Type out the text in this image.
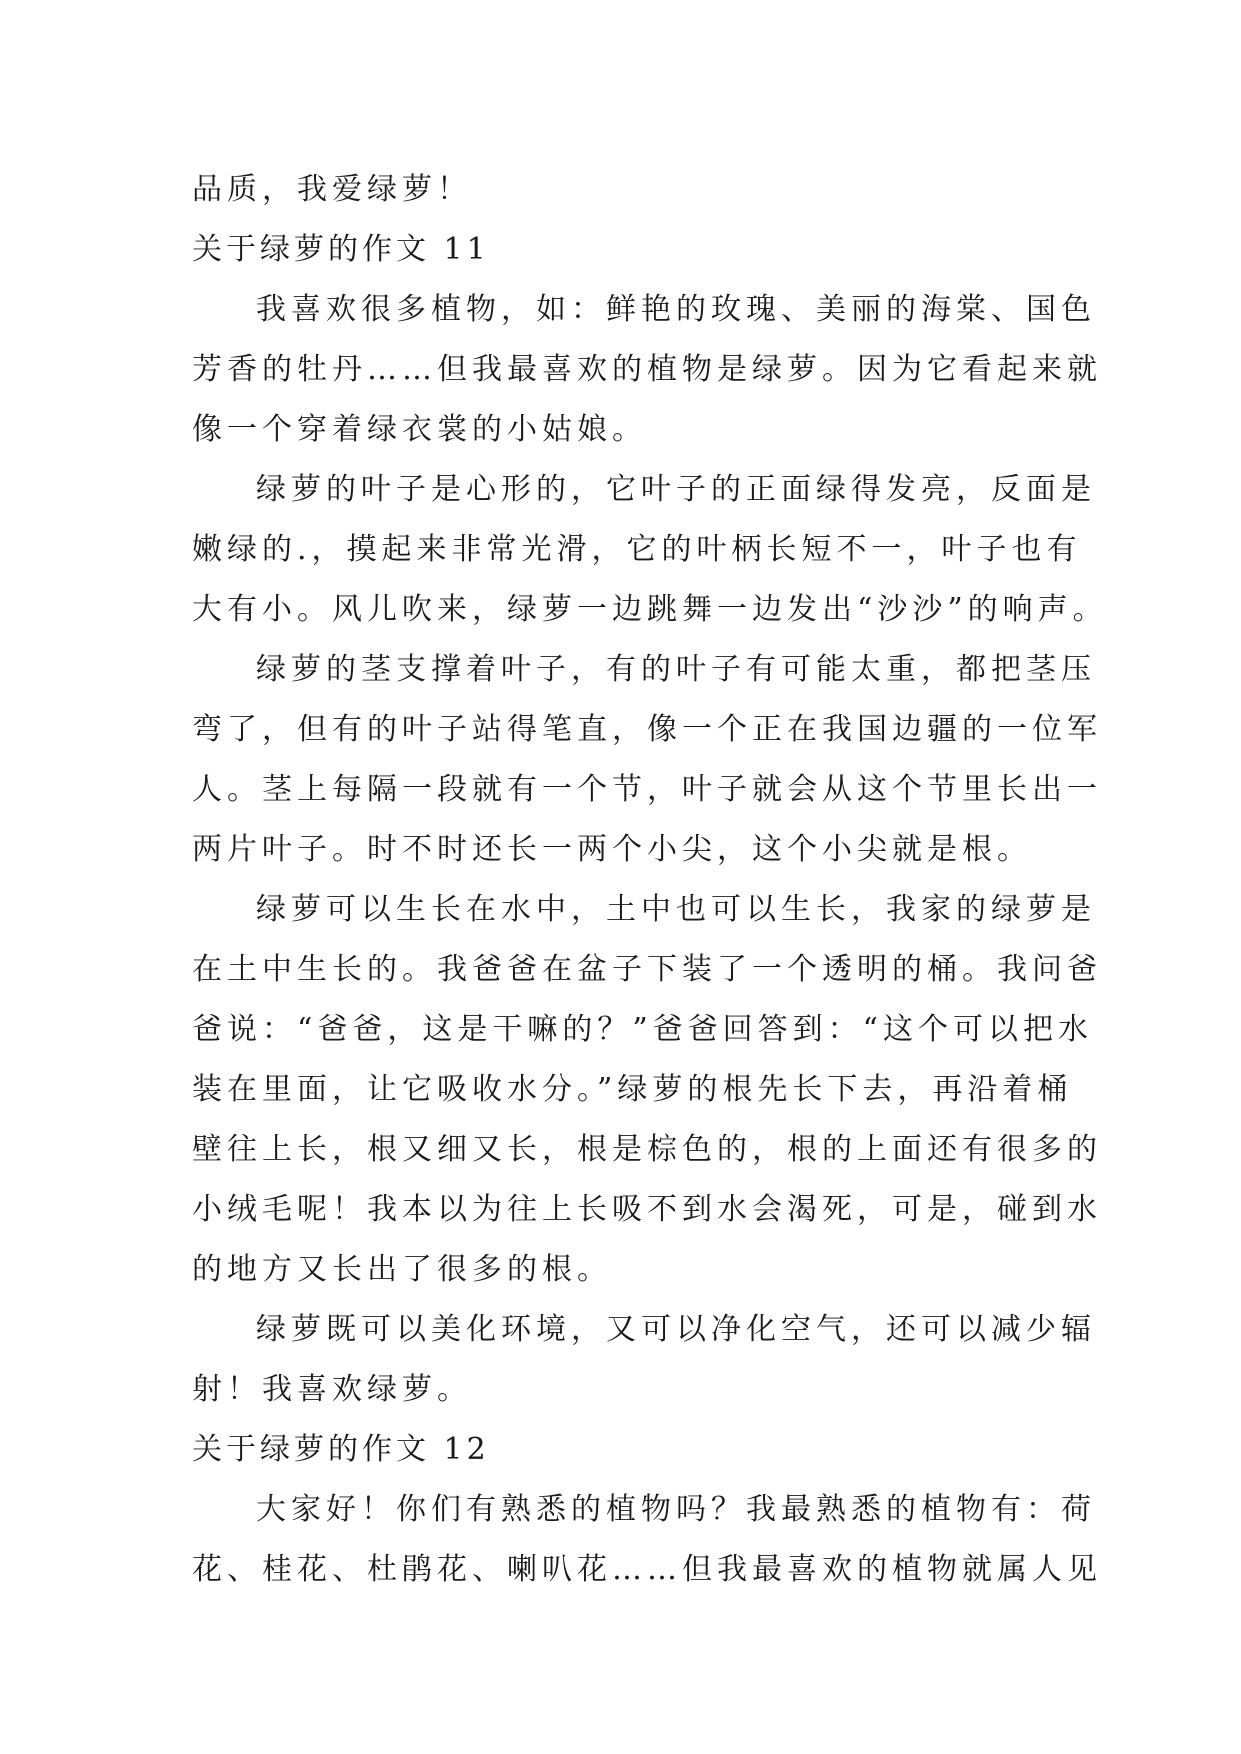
品质，我爱绿萝！
关于绿萝的作文 11
我喜欢很多植物，如：鲜艳的玫瑰、美丽的海棠、国色
芳香的牡丹……但我最喜欢的植物是绿萝。因为它看起来就
像一个穿着绿衣裳的小姑娘。
绿萝的叶子是心形的，它叶子的正面绿得发亮，反面是
嫩绿的.，摸起来非常光滑，它的叶柄长短不一，叶子也有
大有小。风儿吹来，绿萝一边跳舞一边发出“沙沙”的响声。
绿萝的茎支撑着叶子，有的叶子有可能太重，都把茎压
弯了，但有的叶子站得笔直，像一个正在我国边疆的一位军
人。茎上每隔一段就有一个节，叶子就会从这个节里长出一
两片叶子。时不时还长一两个小尖，这个小尖就是根。
绿萝可以生长在水中，土中也可以生长，我家的绿萝是
在土中生长的。我爸爸在盆子下装了一个透明的桶。我问爸
爸说：“爸爸，这是干嘛的？”爸爸回答到：“这个可以把水
装在里面，让它吸收水分。”绿萝的根先长下去，再沿着桶
壁往上长，根又细又长，根是棕色的，根的上面还有很多的
小绒毛呢！我本以为往上长吸不到水会渴死，可是，碰到水
的地方又长出了很多的根。
绿萝既可以美化环境，又可以净化空气，还可以减少辐
射！我喜欢绿萝。
关于绿萝的作文 12
大家好！你们有熟悉的植物吗？我最熟悉的植物有：荷
花、桂花、杜鹃花、喇叭花……但我最喜欢的植物就属人见
